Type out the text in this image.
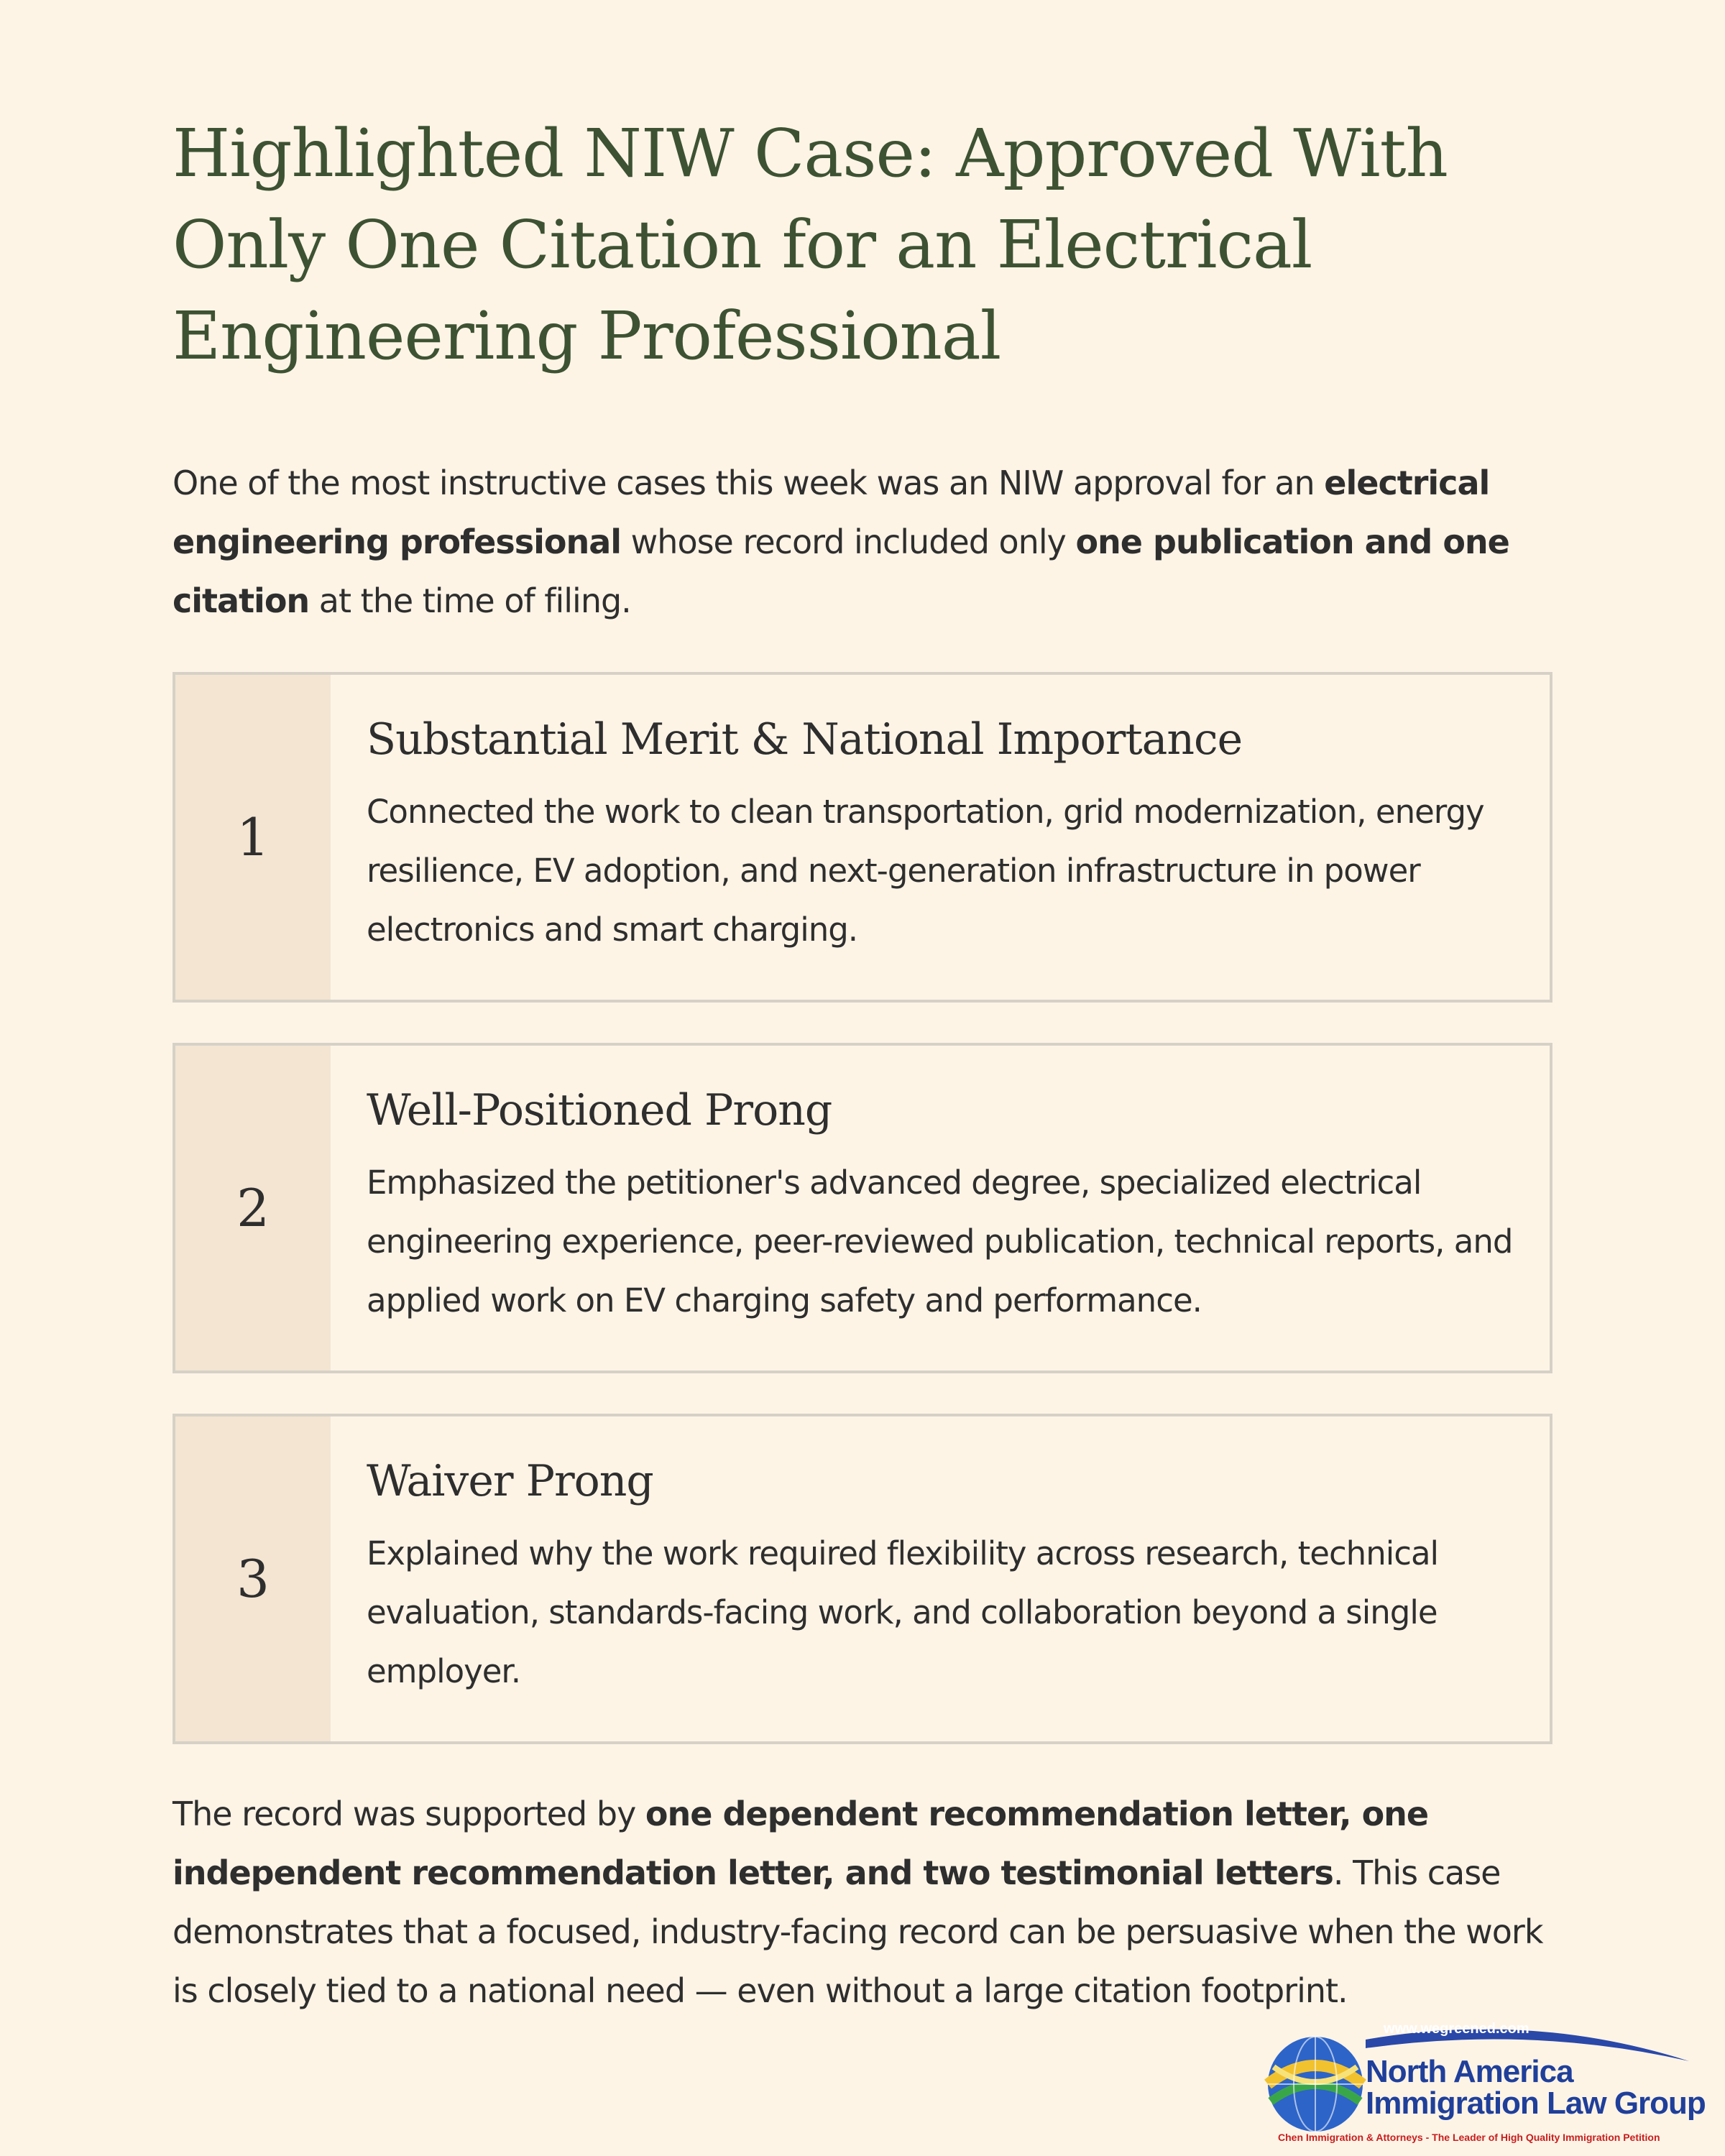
Highlighted NIW Case: Approved With Only One Citation for an Electrical Engineering Professional

One of the most instructive cases this week was an NIW approval for an electrical engineering professional whose record included only one publication and one citation at the time of filing.

1
Substantial Merit & National Importance

Connected the work to clean transportation, grid modernization, energy resilience, EV adoption, and next-generation infrastructure in power electronics and smart charging.

2
Well-Positioned Prong

Emphasized the petitioner's advanced degree, specialized electrical engineering experience, peer-reviewed publication, technical reports, and applied work on EV charging safety and performance.

3
Waiver Prong

Explained why the work required flexibility across research, technical evaluation, standards-facing work, and collaboration beyond a single employer.

The record was supported by one dependent recommendation letter, one independent recommendation letter, and two testimonial letters. This case demonstrates that a focused, industry-facing record can be persuasive when the work is closely tied to a national need — even without a large citation footprint.

www.wegreened.com
North America
Immigration Law Group
Chen Immigration & Attorneys - The Leader of High Quality Immigration Petition
